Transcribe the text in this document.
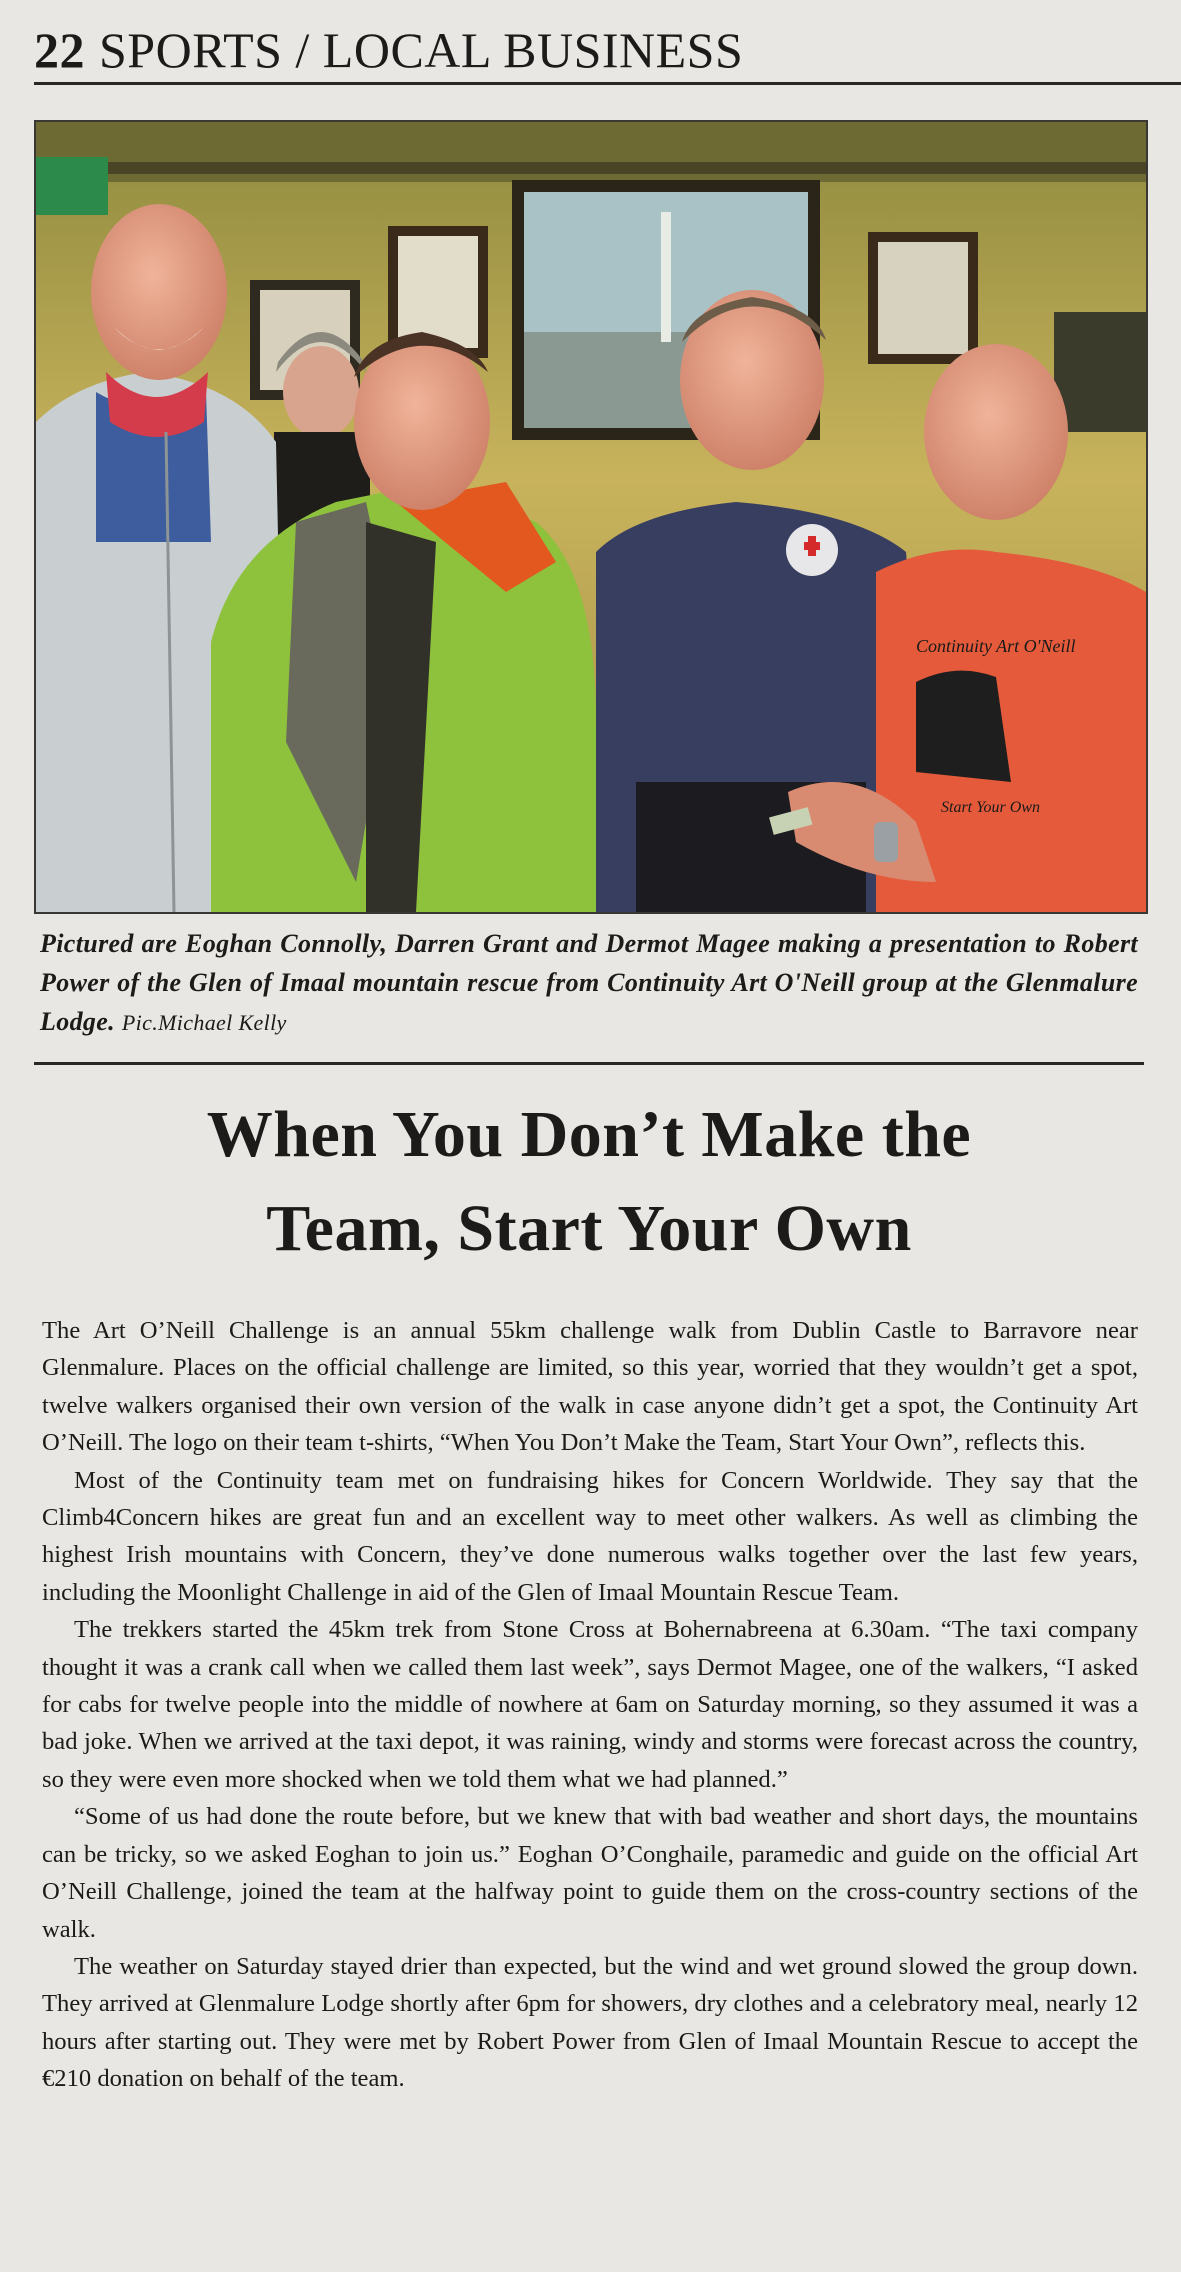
22 SPORTS / LOCAL BUSINESS
Continuity Art O'Neill
Start Your Own
Pictured are Eoghan Connolly, Darren Grant and Dermot Magee making a presentation to Robert Power of the Glen of Imaal mountain rescue from Continuity Art O'Neill group at the Glenmalure Lodge. Pic.Michael Kelly
When You Don’t Make the
Team, Start Your Own

The Art O’Neill Challenge is an annual 55km challenge walk from Dublin Castle to Barravore near Glenmalure. Places on the official challenge are limited, so this year, worried that they wouldn’t get a spot, twelve walkers organised their own version of the walk in case anyone didn’t get a spot, the Continuity Art O’Neill. The logo on their team t-shirts, “When You Don’t Make the Team, Start Your Own”, reflects this.

Most of the Continuity team met on fundraising hikes for Concern Worldwide. They say that the Climb4Concern hikes are great fun and an excellent way to meet other walkers. As well as climbing the highest Irish mountains with Concern, they’ve done numerous walks together over the last few years, including the Moonlight Challenge in aid of the Glen of Imaal Mountain Rescue Team.

The trekkers started the 45km trek from Stone Cross at Bohernabreena at 6.30am. “The taxi company thought it was a crank call when we called them last week”, says Dermot Magee, one of the walkers, “I asked for cabs for twelve people into the middle of nowhere at 6am on Saturday morning, so they assumed it was a bad joke. When we arrived at the taxi depot, it was raining, windy and storms were forecast across the country, so they were even more shocked when we told them what we had planned.”

“Some of us had done the route before, but we knew that with bad weather and short days, the mountains can be tricky, so we asked Eoghan to join us.” Eoghan O’Conghaile, paramedic and guide on the official Art O’Neill Challenge, joined the team at the halfway point to guide them on the cross-country sections of the walk.

The weather on Saturday stayed drier than expected, but the wind and wet ground slowed the group down. They arrived at Glenmalure Lodge shortly after 6pm for showers, dry clothes and a celebratory meal, nearly 12 hours after starting out. They were met by Robert Power from Glen of Imaal Mountain Rescue to accept the €210 donation on behalf of the team.
